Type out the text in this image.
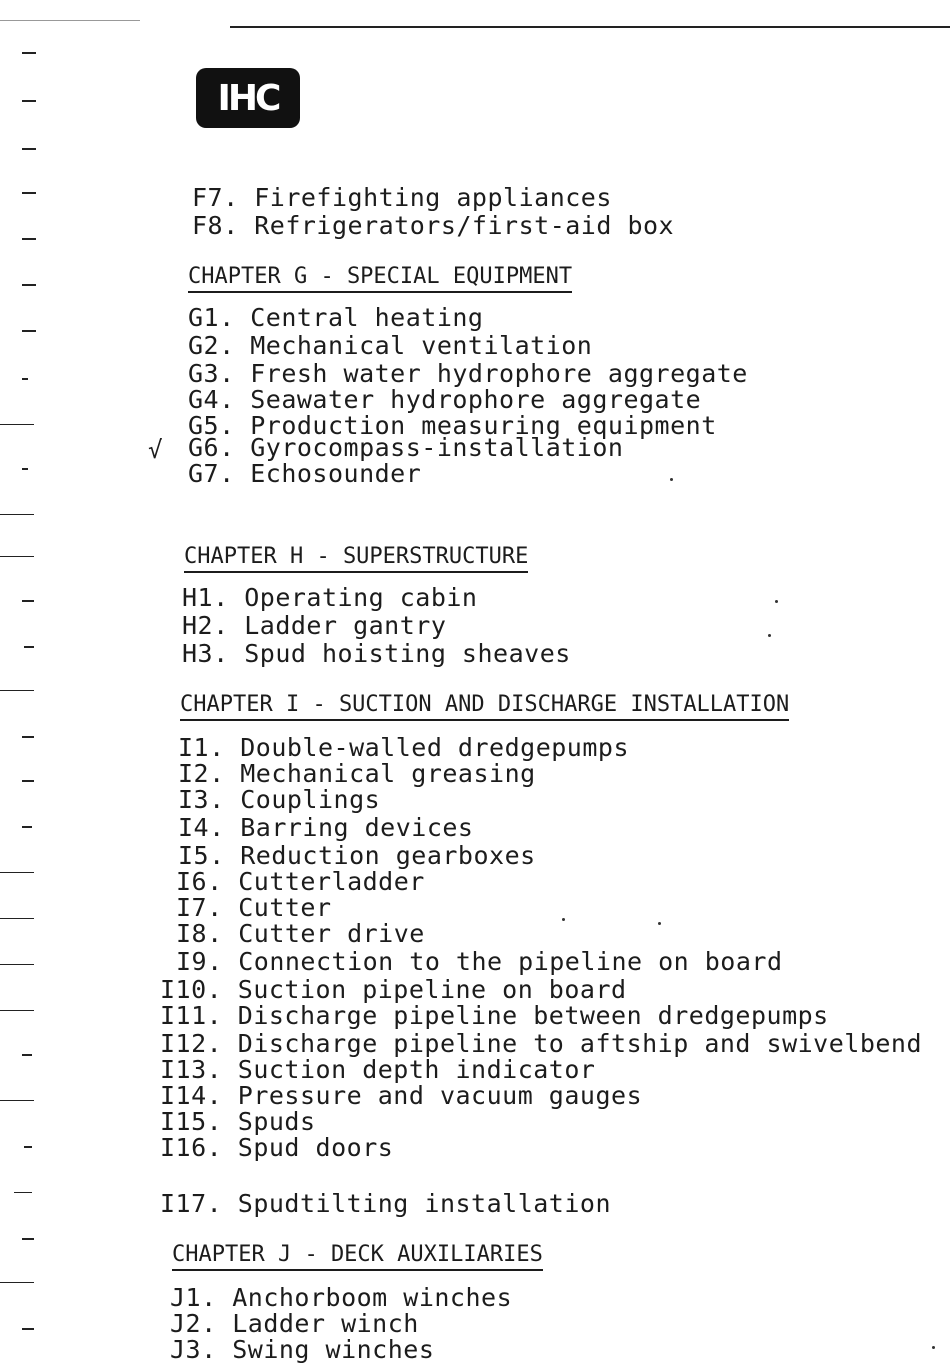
IHC
F7. Firefighting appliances
F8. Refrigerators/first-aid box
CHAPTER G - SPECIAL EQUIPMENT
G1. Central heating
G2. Mechanical ventilation
G3. Fresh water hydrophore aggregate
G4. Seawater hydrophore aggregate
G5. Production measuring equipment
√ G6. Gyrocompass-installation
G7. Echosounder
CHAPTER H - SUPERSTRUCTURE
H1. Operating cabin
H2. Ladder gantry
H3. Spud hoisting sheaves
CHAPTER I - SUCTION AND DISCHARGE INSTALLATION
I1. Double-walled dredgepumps
I2. Mechanical greasing
I3. Couplings
I4. Barring devices
I5. Reduction gearboxes
I6. Cutterladder
I7. Cutter
I8. Cutter drive
I9. Connection to the pipeline on board
I10. Suction pipeline on board
I11. Discharge pipeline between dredgepumps
I12. Discharge pipeline to aftship and swivelbend
I13. Suction depth indicator
I14. Pressure and vacuum gauges
I15. Spuds
I16. Spud doors
I17. Spudtilting installation
CHAPTER J - DECK AUXILIARIES
J1. Anchorboom winches
J2. Ladder winch
J3. Swing winches
